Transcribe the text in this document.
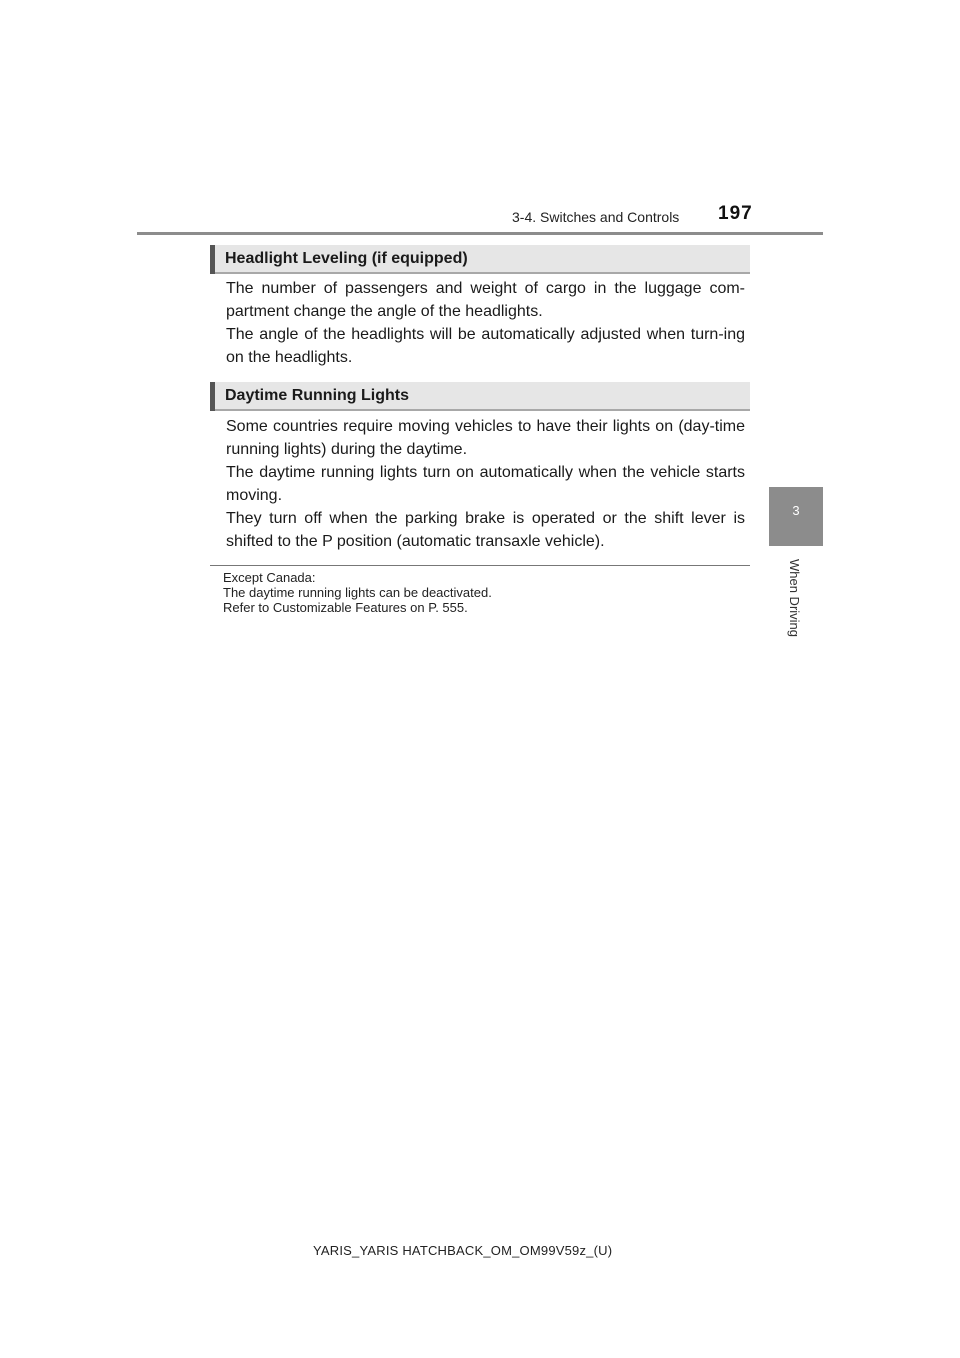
3-4. Switches and Controls 197
3
When Driving
Headlight Leveling (if equipped)

The number of passengers and weight of cargo in the luggage com-partment change the angle of the headlights.

The angle of the headlights will be automatically adjusted when turn-ing on the headlights.

Daytime Running Lights

Some countries require moving vehicles to have their lights on (day-time running lights) during the daytime.

The daytime running lights turn on automatically when the vehicle starts moving.

They turn off when the parking brake is operated or the shift lever is shifted to the P position (automatic transaxle vehicle).

Except Canada:
The daytime running lights can be deactivated.
Refer to Customizable Features on P. 555.
YARIS_YARIS HATCHBACK_OM_OM99V59z_(U)
